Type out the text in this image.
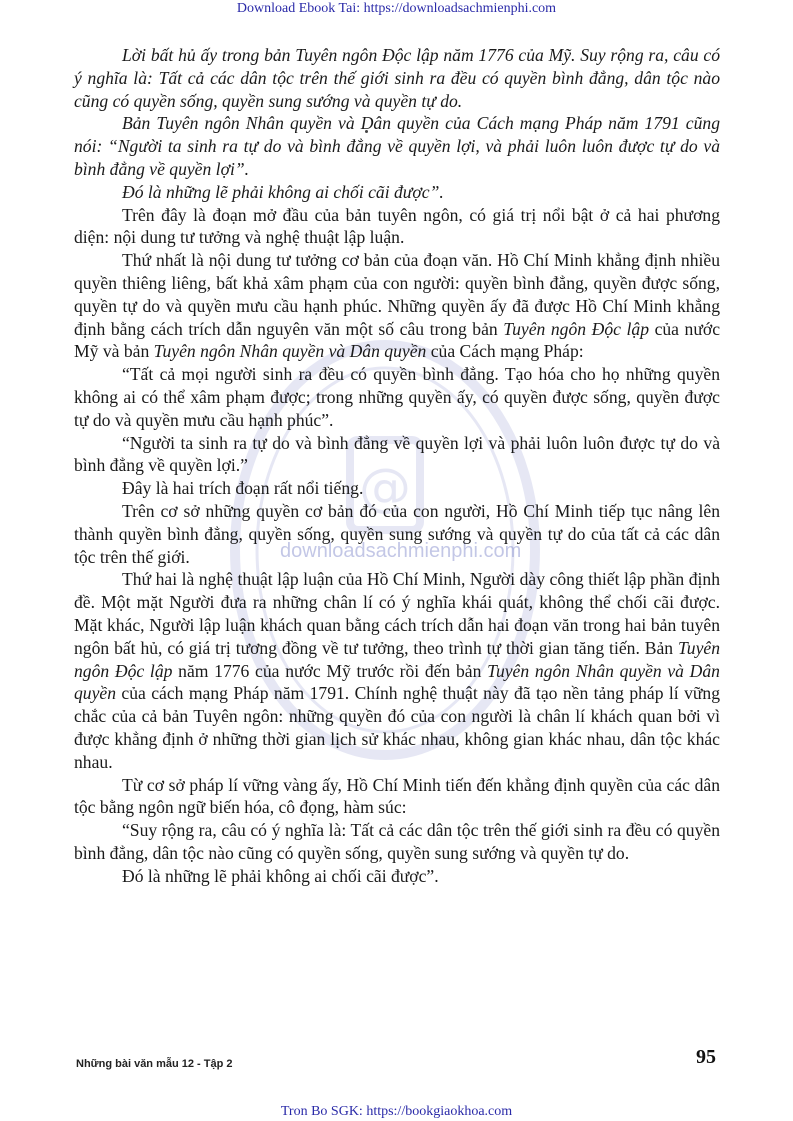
Download Ebook Tai: https://downloadsachmienphi.com
@
downloadsachmienphi.com

Lời bất hủ ấy trong bản Tuyên ngôn Độc lập năm 1776 của Mỹ. Suy rộng ra, câu có ý nghĩa là: Tất cả các dân tộc trên thế giới sinh ra đều có quyền bình đẳng, dân tộc nào cũng có quyền sống, quyền sung sướng và quyền tự do.

Bản Tuyên ngôn Nhân quyền và Dân quyền của Cách mạng Pháp năm 1791 cũng nói: “Người ta sinh ra tự do và bình đẳng về quyền lợi, và phải luôn luôn được tự do và bình đẳng về quyền lợi”.

Đó là những lẽ phải không ai chối cãi được”.

Trên đây là đoạn mở đầu của bản tuyên ngôn, có giá trị nổi bật ở cả hai phương diện: nội dung tư tưởng và nghệ thuật lập luận.

Thứ nhất là nội dung tư tưởng cơ bản của đoạn văn. Hồ Chí Minh khẳng định nhiều quyền thiêng liêng, bất khả xâm phạm của con người: quyền bình đẳng, quyền được sống, quyền tự do và quyền mưu cầu hạnh phúc. Những quyền ấy đã được Hồ Chí Minh khẳng định bằng cách trích dẫn nguyên văn một số câu trong bản Tuyên ngôn Độc lập của nước Mỹ và bản Tuyên ngôn Nhân quyền và Dân quyền của Cách mạng Pháp:

“Tất cả mọi người sinh ra đều có quyền bình đẳng. Tạo hóa cho họ những quyền không ai có thể xâm phạm được; trong những quyền ấy, có quyền được sống, quyền được tự do và quyền mưu cầu hạnh phúc”.

“Người ta sinh ra tự do và bình đẳng về quyền lợi và phải luôn luôn được tự do và bình đẳng về quyền lợi.”

Đây là hai trích đoạn rất nổi tiếng.

Trên cơ sở những quyền cơ bản đó của con người, Hồ Chí Minh tiếp tục nâng lên thành quyền bình đẳng, quyền sống, quyền sung sướng và quyền tự do của tất cả các dân tộc trên thế giới.

Thứ hai là nghệ thuật lập luận của Hồ Chí Minh, Người dày công thiết lập phần định đề. Một mặt Người đưa ra những chân lí có ý nghĩa khái quát, không thể chối cãi được. Mặt khác, Người lập luận khách quan bằng cách trích dẫn hai đoạn văn trong hai bản tuyên ngôn bất hủ, có giá trị tương đồng về tư tưởng, theo trình tự thời gian tăng tiến. Bản Tuyên ngôn Độc lập năm 1776 của nước Mỹ trước rồi đến bản Tuyên ngôn Nhân quyền và Dân quyền của cách mạng Pháp năm 1791. Chính nghệ thuật này đã tạo nền tảng pháp lí vững chắc của cả bản Tuyên ngôn: những quyền đó của con người là chân lí khách quan bởi vì được khẳng định ở những thời gian lịch sử khác nhau, không gian khác nhau, dân tộc khác nhau.

Từ cơ sở pháp lí vững vàng ấy, Hồ Chí Minh tiến đến khẳng định quyền của các dân tộc bằng ngôn ngữ biến hóa, cô đọng, hàm súc:

“Suy rộng ra, câu có ý nghĩa là: Tất cả các dân tộc trên thế giới sinh ra đều có quyền bình đẳng, dân tộc nào cũng có quyền sống, quyền sung sướng và quyền tự do.

Đó là những lẽ phải không ai chối cãi được”.

Những bài văn mẫu 12 - Tập 2	95
Tron Bo SGK: https://bookgiaokhoa.com
